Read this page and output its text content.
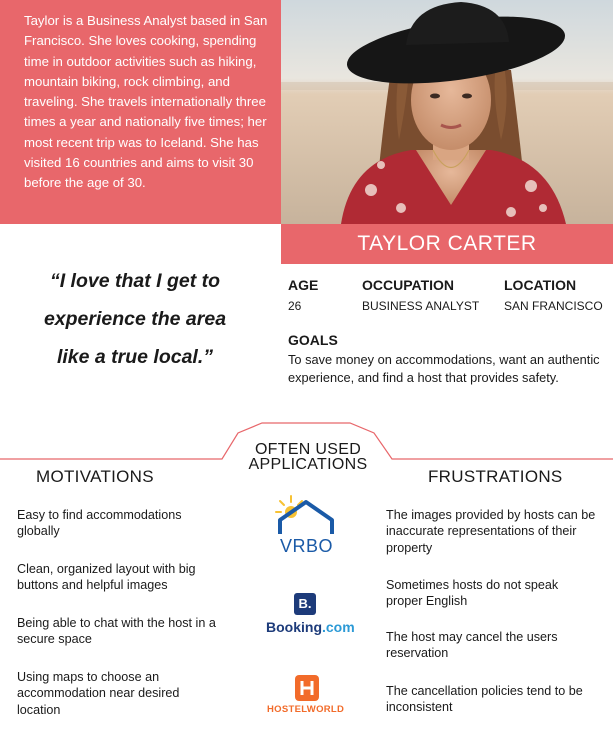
Taylor is a Business Analyst based in San Francisco. She loves cooking, spending time in outdoor activities such as hiking, mountain biking, rock climbing, and traveling. She travels internationally three times a year and nationally five times; her most recent trip was to Iceland. She has visited 16 countries and aims to visit 30 before the age of 30.

TAYLOR CARTER

“I love that I get to experience the area like a true local.”

AGE
26
OCCUPATION
BUSINESS ANALYST
LOCATION
SAN FRANCISCO
GOALS

To save money on accommodations, want an authentic experience, and find a host that provides safety.

MOTIVATIONS
OFTEN USED
APPLICATIONS
FRUSTRATIONS
Easy to find accommodations globally
Clean, organized layout with big buttons and helpful images
Being able to chat with the host in a secure space
Using maps to choose an accommodation near desired location
The images provided by hosts can be inaccurate representations of their property
Sometimes hosts do not speak proper English
The host may cancel the users reservation
The cancellation policies tend to be inconsistent
VRBO
B.
Booking.com
HOSTELWORLD
